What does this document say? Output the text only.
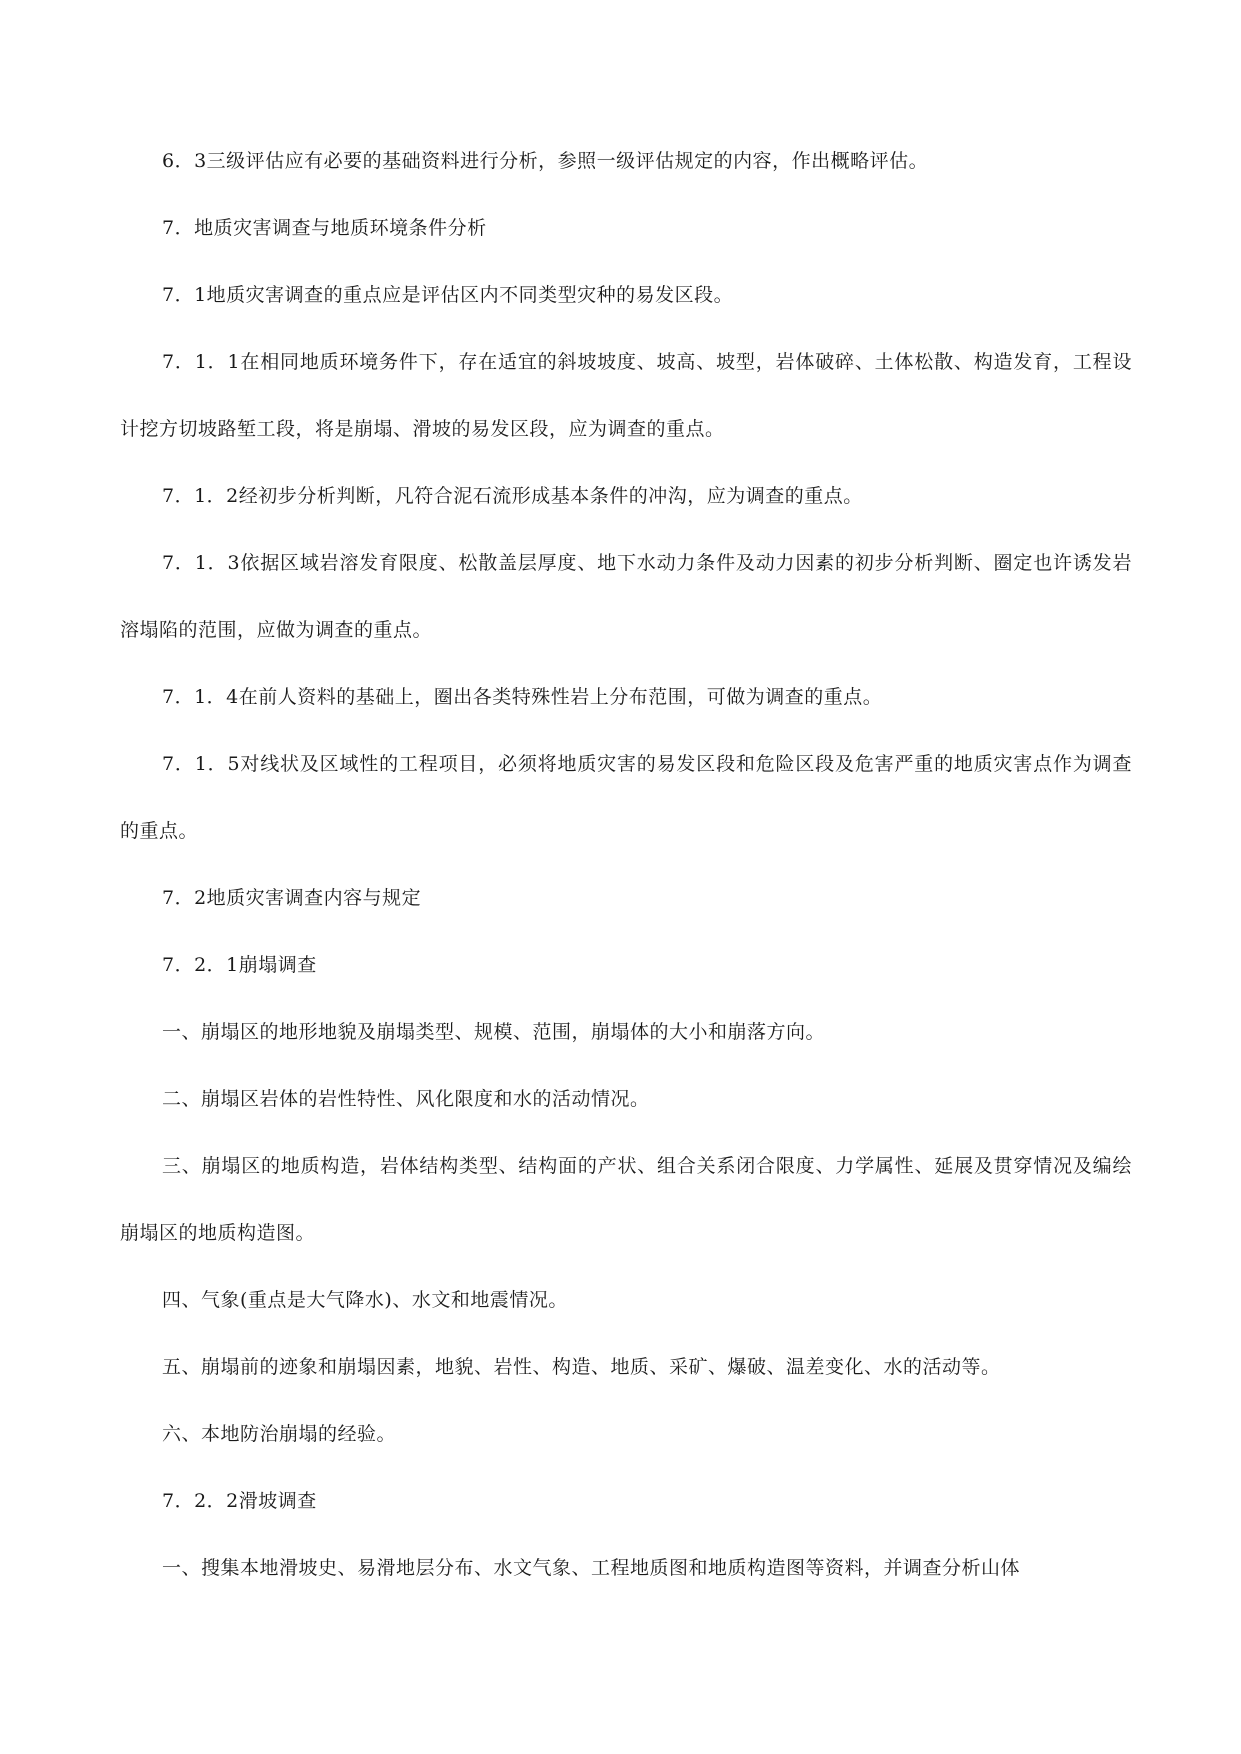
6．3三级评估应有必要的基础资料进行分析，参照一级评估规定的内容，作出概略评估。

7．地质灾害调查与地质环境条件分析

7．1地质灾害调查的重点应是评估区内不同类型灾种的易发区段。

7．1．1在相同地质环境务件下，存在适宜的斜坡坡度、坡高、坡型，岩体破碎、土体松散、构造发育，工程设计挖方切坡路堑工段，将是崩塌、滑坡的易发区段，应为调查的重点。

7．1．2经初步分析判断，凡符合泥石流形成基本条件的冲沟，应为调查的重点。

7．1．3依据区域岩溶发育限度、松散盖层厚度、地下水动力条件及动力因素的初步分析判断、圈定也许诱发岩溶塌陷的范围，应做为调查的重点。

7．1．4在前人资料的基础上，圈出各类特殊性岩上分布范围，可做为调查的重点。

7．1．5对线状及区域性的工程项目，必须将地质灾害的易发区段和危险区段及危害严重的地质灾害点作为调查的重点。

7．2地质灾害调查内容与规定

7．2．1崩塌调查

一、崩塌区的地形地貌及崩塌类型、规模、范围，崩塌体的大小和崩落方向。

二、崩塌区岩体的岩性特性、风化限度和水的活动情况。

三、崩塌区的地质构造，岩体结构类型、结构面的产状、组合关系闭合限度、力学属性、延展及贯穿情况及编绘崩塌区的地质构造图。

四、气象(重点是大气降水)、水文和地震情况。

五、崩塌前的迹象和崩塌因素，地貌、岩性、构造、地质、采矿、爆破、温差变化、水的活动等。

六、本地防治崩塌的经验。

7．2．2滑坡调查

一、搜集本地滑坡史、易滑地层分布、水文气象、工程地质图和地质构造图等资料，并调查分析山体
